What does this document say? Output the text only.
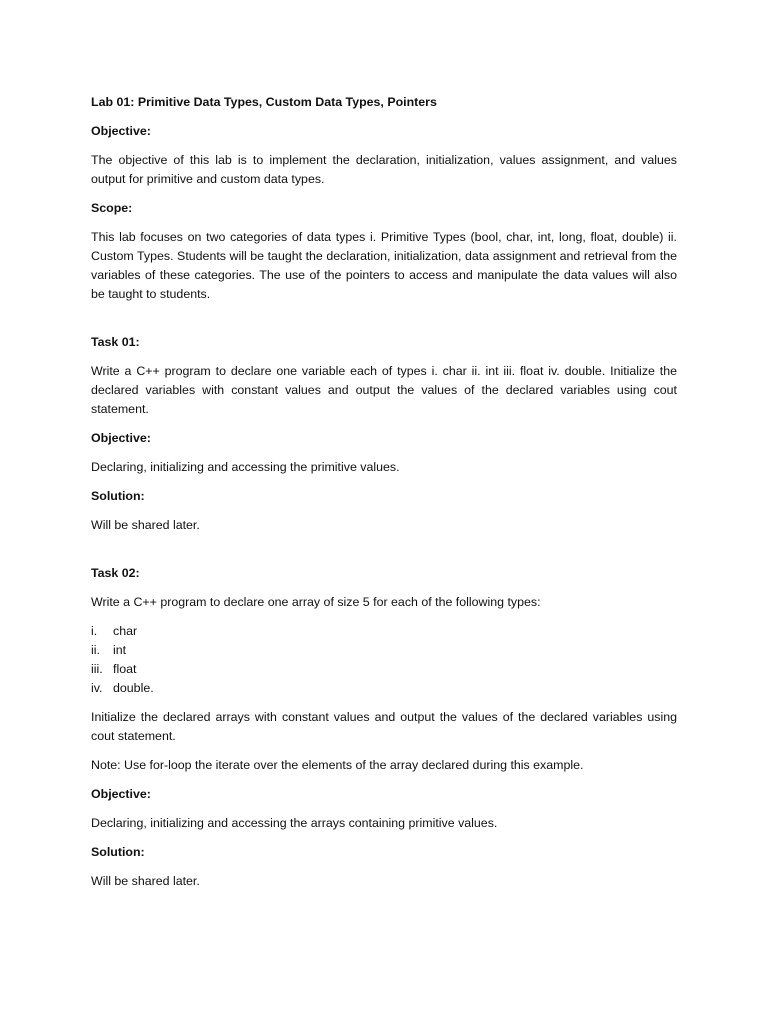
Lab 01: Primitive Data Types, Custom Data Types, Pointers
Objective:
The objective of this lab is to implement the declaration, initialization, values assignment, and values output for primitive and custom data types.
Scope:
This lab focuses on two categories of data types i. Primitive Types (bool, char, int, long, float, double) ii. Custom Types. Students will be taught the declaration, initialization, data assignment and retrieval from the variables of these categories. The use of the pointers to access and manipulate the data values will also be taught to students.
Task 01:
Write a C++ program to declare one variable each of types i. char ii. int iii. float iv. double. Initialize the declared variables with constant values and output the values of the declared variables using cout statement.
Objective:
Declaring, initializing and accessing the primitive values.
Solution:
Will be shared later.
Task 02:
Write a C++ program to declare one array of size 5 for each of the following types:
i.	char
ii.	int
iii. float
iv. double.
Initialize the declared arrays with constant values and output the values of the declared variables using cout statement.
Note: Use for-loop the iterate over the elements of the array declared during this example.
Objective:
Declaring, initializing and accessing the arrays containing primitive values.
Solution:
Will be shared later.
